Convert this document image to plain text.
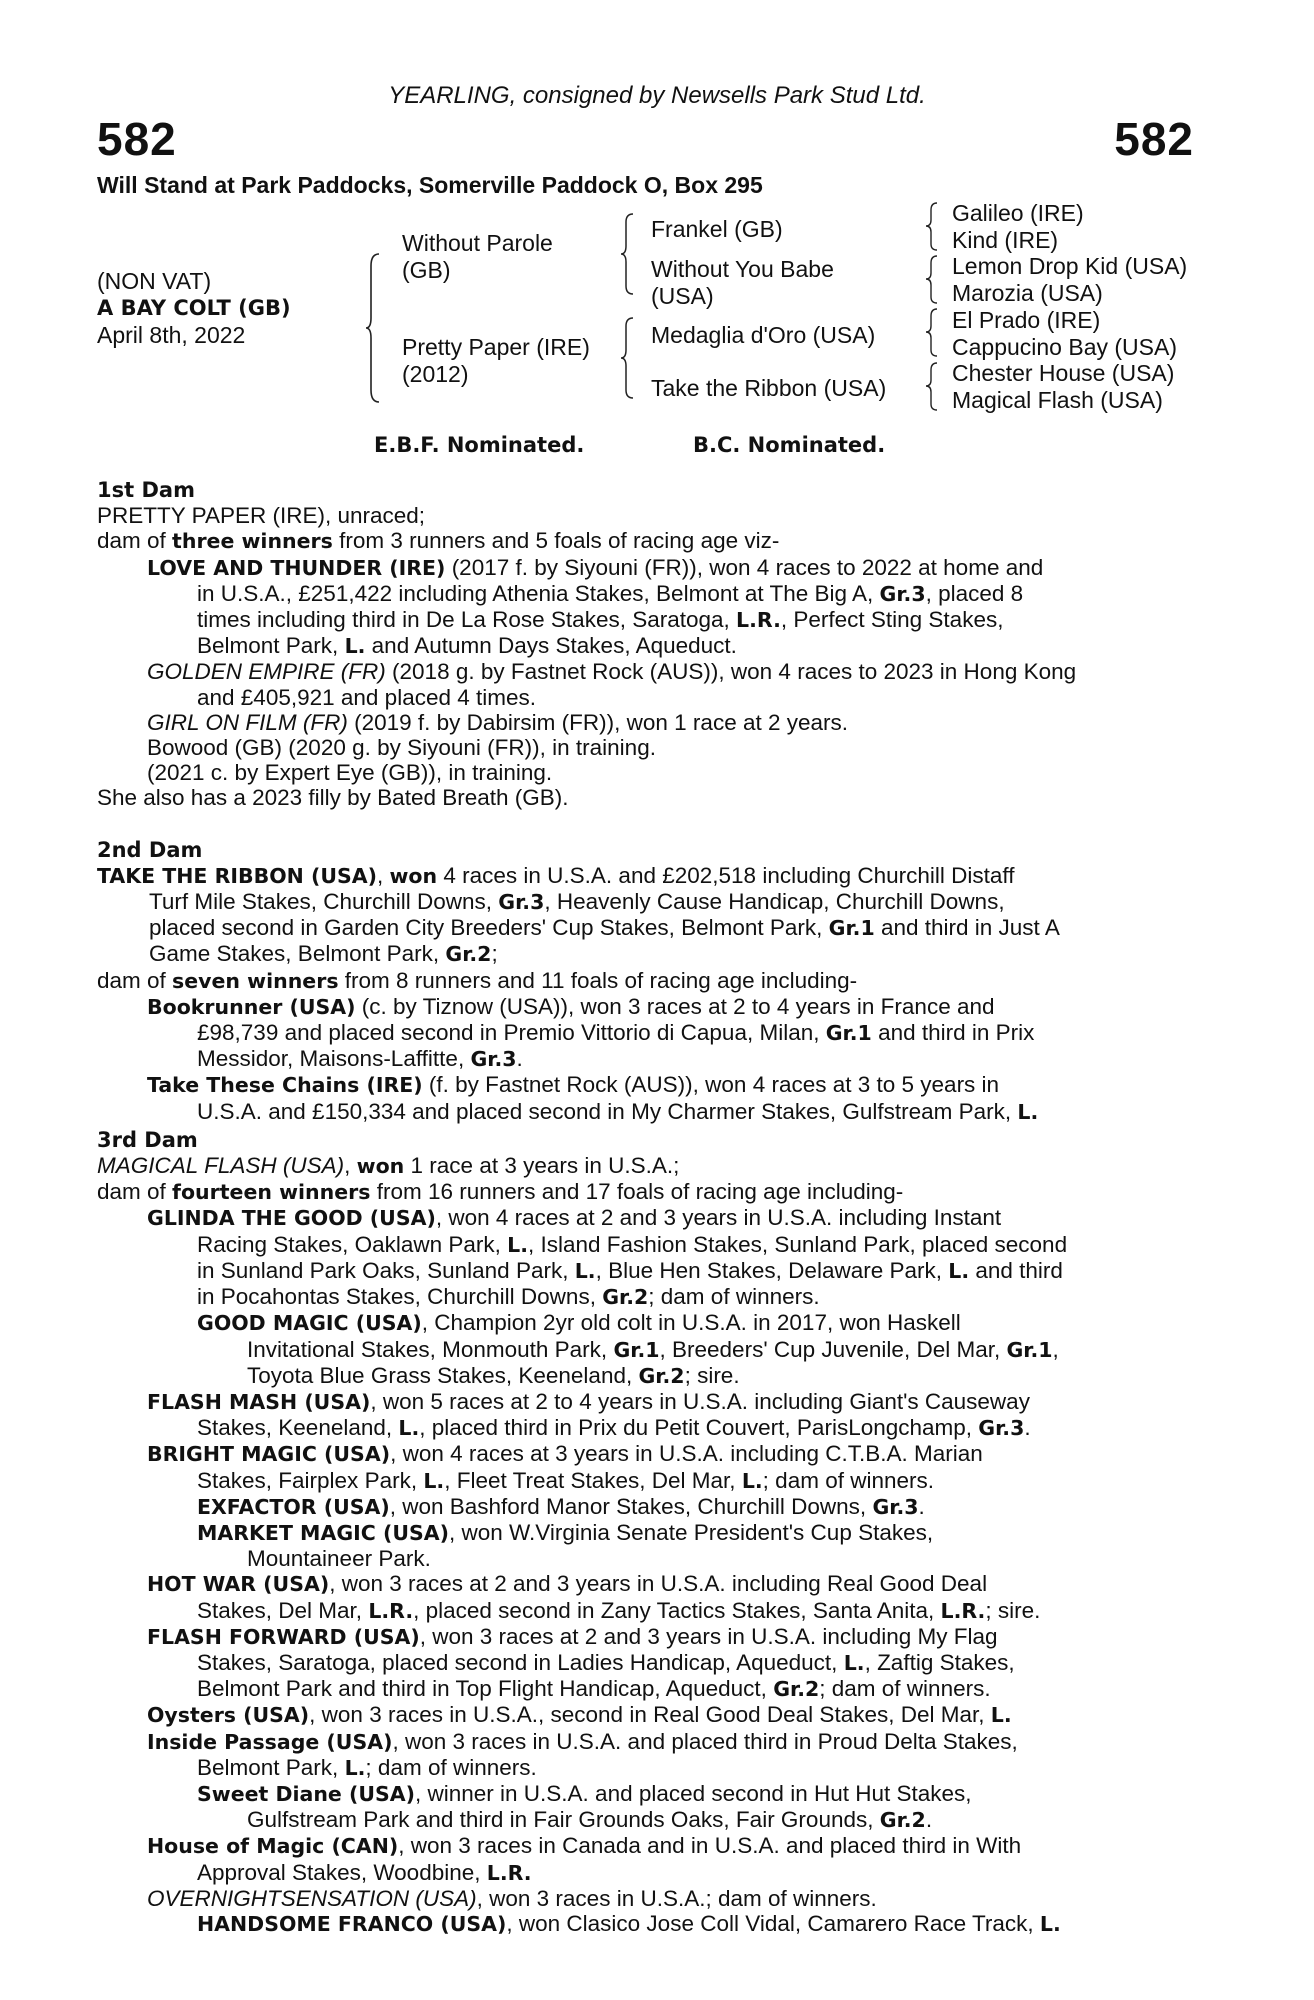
YEARLING, consigned by Newsells Park Stud Ltd.
582	582
Will Stand at Park Paddocks, Somerville Paddock O, Box 295
(NON VAT)
A BAY COLT (GB)
April 8th, 2022
Without Parole
(GB)
Pretty Paper (IRE)
(2012)
Frankel (GB)
Without You Babe
(USA)
Medaglia d'Oro (USA)
Take the Ribbon (USA)
Galileo (IRE)
Kind (IRE)
Lemon Drop Kid (USA)
Marozia (USA)
El Prado (IRE)
Cappucino Bay (USA)
Chester House (USA)
Magical Flash (USA)
E.B.F. Nominated.	B.C. Nominated.
1st Dam
PRETTY PAPER (IRE), unraced;
dam of three winners from 3 runners and 5 foals of racing age viz-
LOVE AND THUNDER (IRE) (2017 f. by Siyouni (FR)), won 4 races to 2022 at home and
in U.S.A., £251,422 including Athenia Stakes, Belmont at The Big A, Gr.3, placed 8
times including third in De La Rose Stakes, Saratoga, L.R., Perfect Sting Stakes,
Belmont Park, L. and Autumn Days Stakes, Aqueduct.
GOLDEN EMPIRE (FR) (2018 g. by Fastnet Rock (AUS)), won 4 races to 2023 in Hong Kong
and £405,921 and placed 4 times.
GIRL ON FILM (FR) (2019 f. by Dabirsim (FR)), won 1 race at 2 years.
Bowood (GB) (2020 g. by Siyouni (FR)), in training.
(2021 c. by Expert Eye (GB)), in training.
She also has a 2023 filly by Bated Breath (GB).
2nd Dam
TAKE THE RIBBON (USA), won 4 races in U.S.A. and £202,518 including Churchill Distaff
Turf Mile Stakes, Churchill Downs, Gr.3, Heavenly Cause Handicap, Churchill Downs,
placed second in Garden City Breeders' Cup Stakes, Belmont Park, Gr.1 and third in Just A
Game Stakes, Belmont Park, Gr.2;
dam of seven winners from 8 runners and 11 foals of racing age including-
Bookrunner (USA) (c. by Tiznow (USA)), won 3 races at 2 to 4 years in France and
£98,739 and placed second in Premio Vittorio di Capua, Milan, Gr.1 and third in Prix
Messidor, Maisons-Laffitte, Gr.3.
Take These Chains (IRE) (f. by Fastnet Rock (AUS)), won 4 races at 3 to 5 years in
U.S.A. and £150,334 and placed second in My Charmer Stakes, Gulfstream Park, L.
3rd Dam
MAGICAL FLASH (USA), won 1 race at 3 years in U.S.A.;
dam of fourteen winners from 16 runners and 17 foals of racing age including-
GLINDA THE GOOD (USA), won 4 races at 2 and 3 years in U.S.A. including Instant
Racing Stakes, Oaklawn Park, L., Island Fashion Stakes, Sunland Park, placed second
in Sunland Park Oaks, Sunland Park, L., Blue Hen Stakes, Delaware Park, L. and third
in Pocahontas Stakes, Churchill Downs, Gr.2; dam of winners.
GOOD MAGIC (USA), Champion 2yr old colt in U.S.A. in 2017, won Haskell
Invitational Stakes, Monmouth Park, Gr.1, Breeders' Cup Juvenile, Del Mar, Gr.1,
Toyota Blue Grass Stakes, Keeneland, Gr.2; sire.
FLASH MASH (USA), won 5 races at 2 to 4 years in U.S.A. including Giant's Causeway
Stakes, Keeneland, L., placed third in Prix du Petit Couvert, ParisLongchamp, Gr.3.
BRIGHT MAGIC (USA), won 4 races at 3 years in U.S.A. including C.T.B.A. Marian
Stakes, Fairplex Park, L., Fleet Treat Stakes, Del Mar, L.; dam of winners.
EXFACTOR (USA), won Bashford Manor Stakes, Churchill Downs, Gr.3.
MARKET MAGIC (USA), won W.Virginia Senate President's Cup Stakes,
Mountaineer Park.
HOT WAR (USA), won 3 races at 2 and 3 years in U.S.A. including Real Good Deal
Stakes, Del Mar, L.R., placed second in Zany Tactics Stakes, Santa Anita, L.R.; sire.
FLASH FORWARD (USA), won 3 races at 2 and 3 years in U.S.A. including My Flag
Stakes, Saratoga, placed second in Ladies Handicap, Aqueduct, L., Zaftig Stakes,
Belmont Park and third in Top Flight Handicap, Aqueduct, Gr.2; dam of winners.
Oysters (USA), won 3 races in U.S.A., second in Real Good Deal Stakes, Del Mar, L.
Inside Passage (USA), won 3 races in U.S.A. and placed third in Proud Delta Stakes,
Belmont Park, L.; dam of winners.
Sweet Diane (USA), winner in U.S.A. and placed second in Hut Hut Stakes,
Gulfstream Park and third in Fair Grounds Oaks, Fair Grounds, Gr.2.
House of Magic (CAN), won 3 races in Canada and in U.S.A. and placed third in With
Approval Stakes, Woodbine, L.R.
OVERNIGHTSENSATION (USA), won 3 races in U.S.A.; dam of winners.
HANDSOME FRANCO (USA), won Clasico Jose Coll Vidal, Camarero Race Track, L.
